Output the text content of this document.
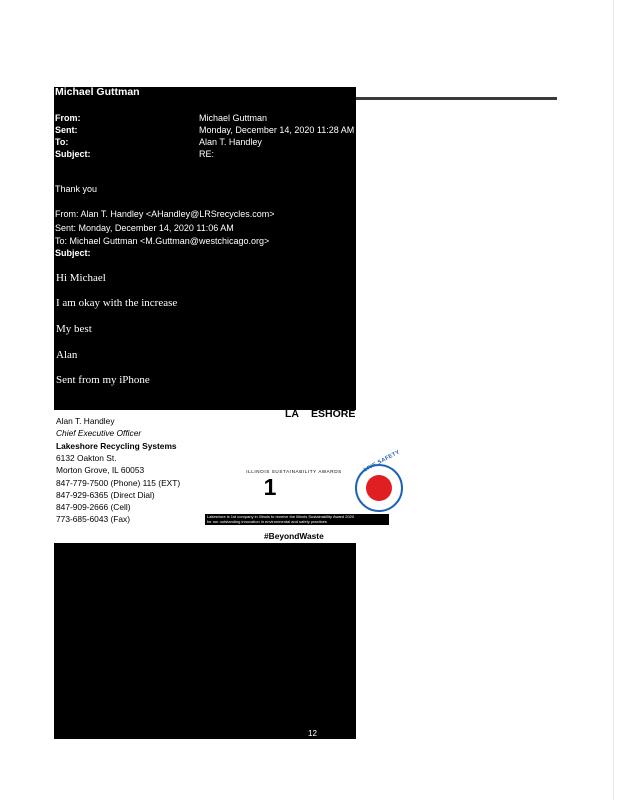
Michael Guttman
From:	Michael Guttman
Sent:	Monday, December 14, 2020 11:28 AM
To:	Alan T. Handley
Subject:	RE:
Thank you
From: Alan T. Handley <AHandley@LRSrecycles.com>
Sent: Monday, December 14, 2020 11:06 AM
To: Michael Guttman <M.Guttman@westchicago.org>
Subject:
Hi Michael
I am okay with the increase
My best
Alan
Sent from my iPhone
LA ESHORE
Alan T. Handley
Chief Executive Officer
Lakeshore Recycling Systems
6132 Oakton St.
Morton Grove, IL 60053
847-779-7500 (Phone) 115 (EXT)
847-929-6365 (Direct Dial)
847-909-2666 (Cell)
773-685-6043 (Fax)
ILLINOIS SUSTAINABILITY AWARDS
1
LIVE SAFETY
Lakeshore is 1st company in Illinois to receive the Illinois Sustainability Award 2020
for our outstanding innovation in environmental and safety practices
#BeyondWaste
12
